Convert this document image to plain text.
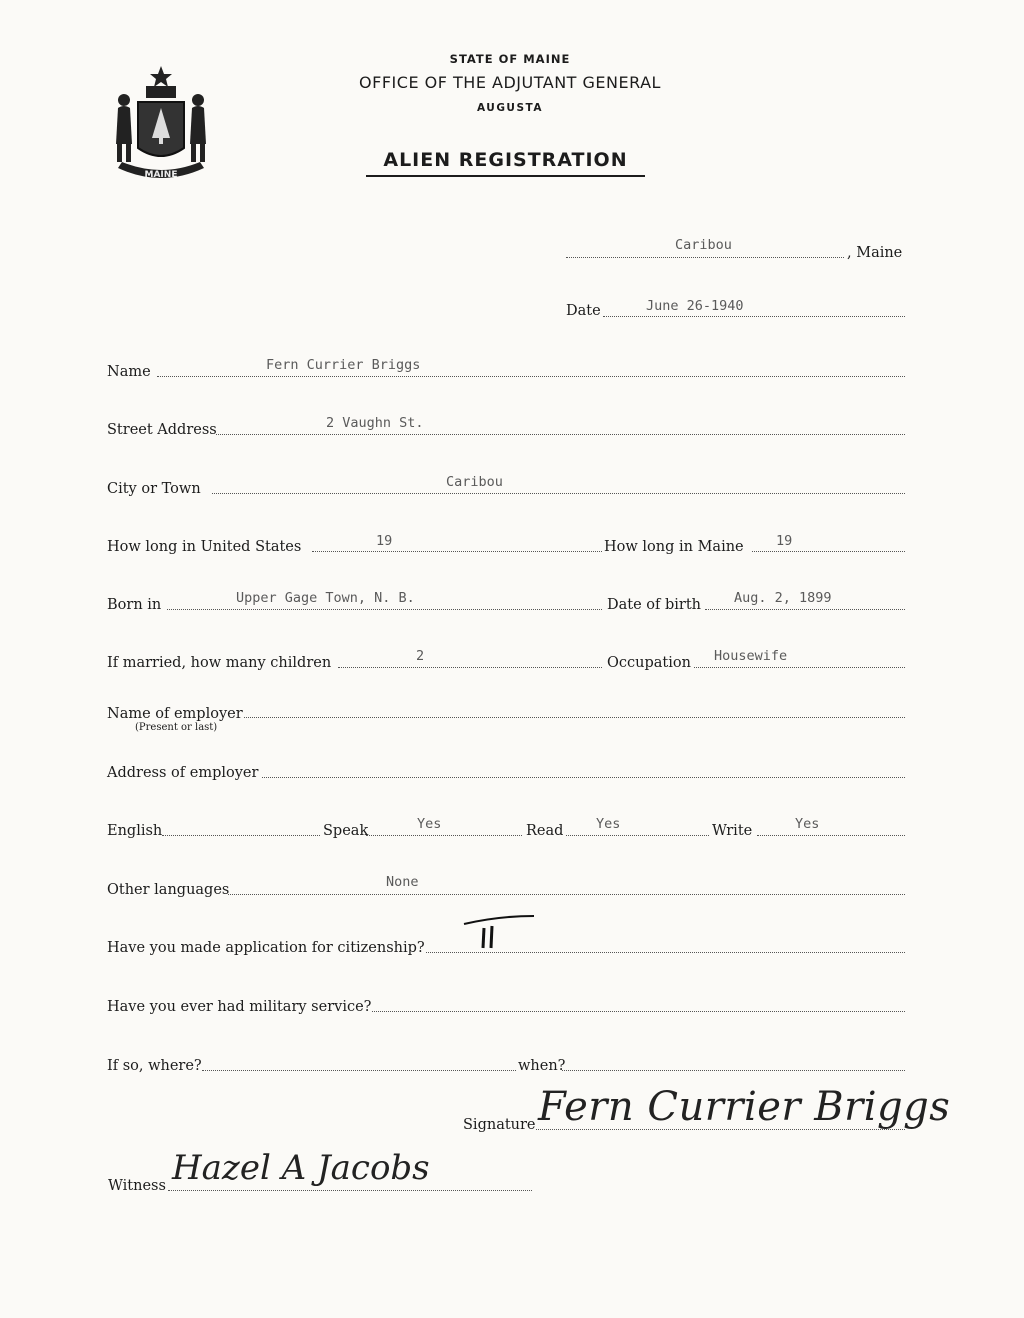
MAINE
STATE OF MAINE
OFFICE OF THE ADJUTANT GENERAL
AUGUSTA
ALIEN REGISTRATION
Caribou	, Maine
Date	June 26-1940
Name	Fern Currier Briggs
Street Address	2 Vaughn St.
City or Town	Caribou
How long in United States	19	How long in Maine 19
Born in	Upper Gage Town, N. B.	Date of birth Aug. 2, 1899
If married, how many children	2	Occupation Housewife
Name of employer
(Present or last)
Address of employer
English	Speak	Yes	Read Yes	Write	Yes
Other languages	None
Have you made application for citizenship?
Have you ever had military service?
If so, where?	when?
Signature Fern Currier Briggs
Witness Hazel A Jacobs
